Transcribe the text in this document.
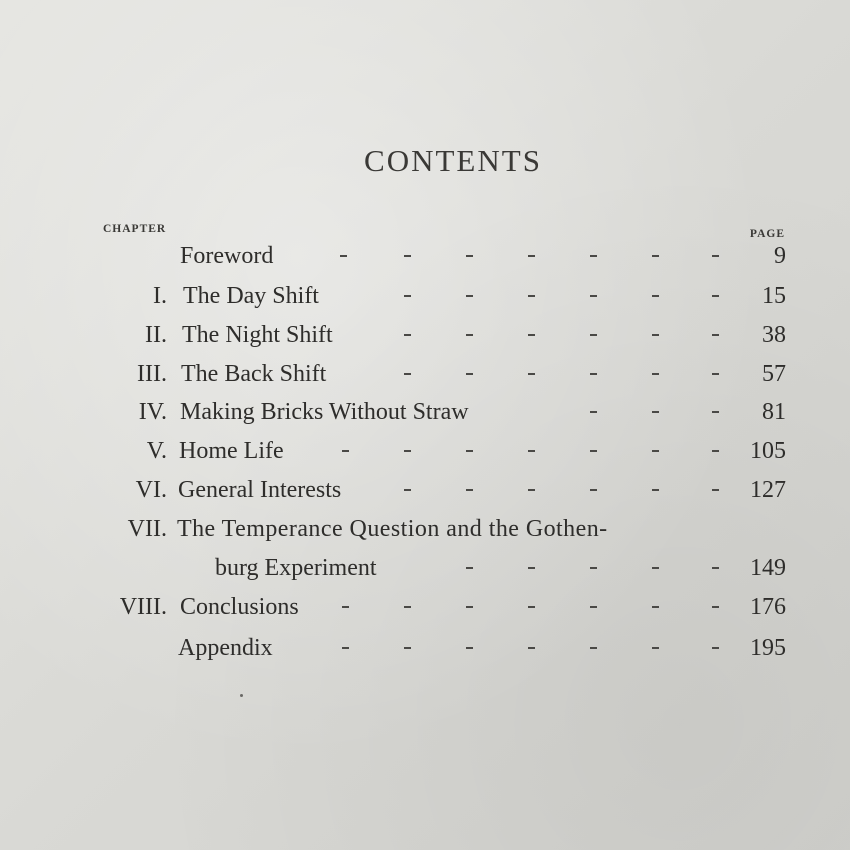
CONTENTS
CHAPTER	PAGE
Foreword	9
I. The Day Shift	15
II. The Night Shift	38
III. The Back Shift	57
IV. Making Bricks Without Straw	81
V. Home Life	105
VI. General Interests	127
VII. The Temperance Question and the Gothen-
burg Experiment	149
VIII. Conclusions	176
Appendix	195
